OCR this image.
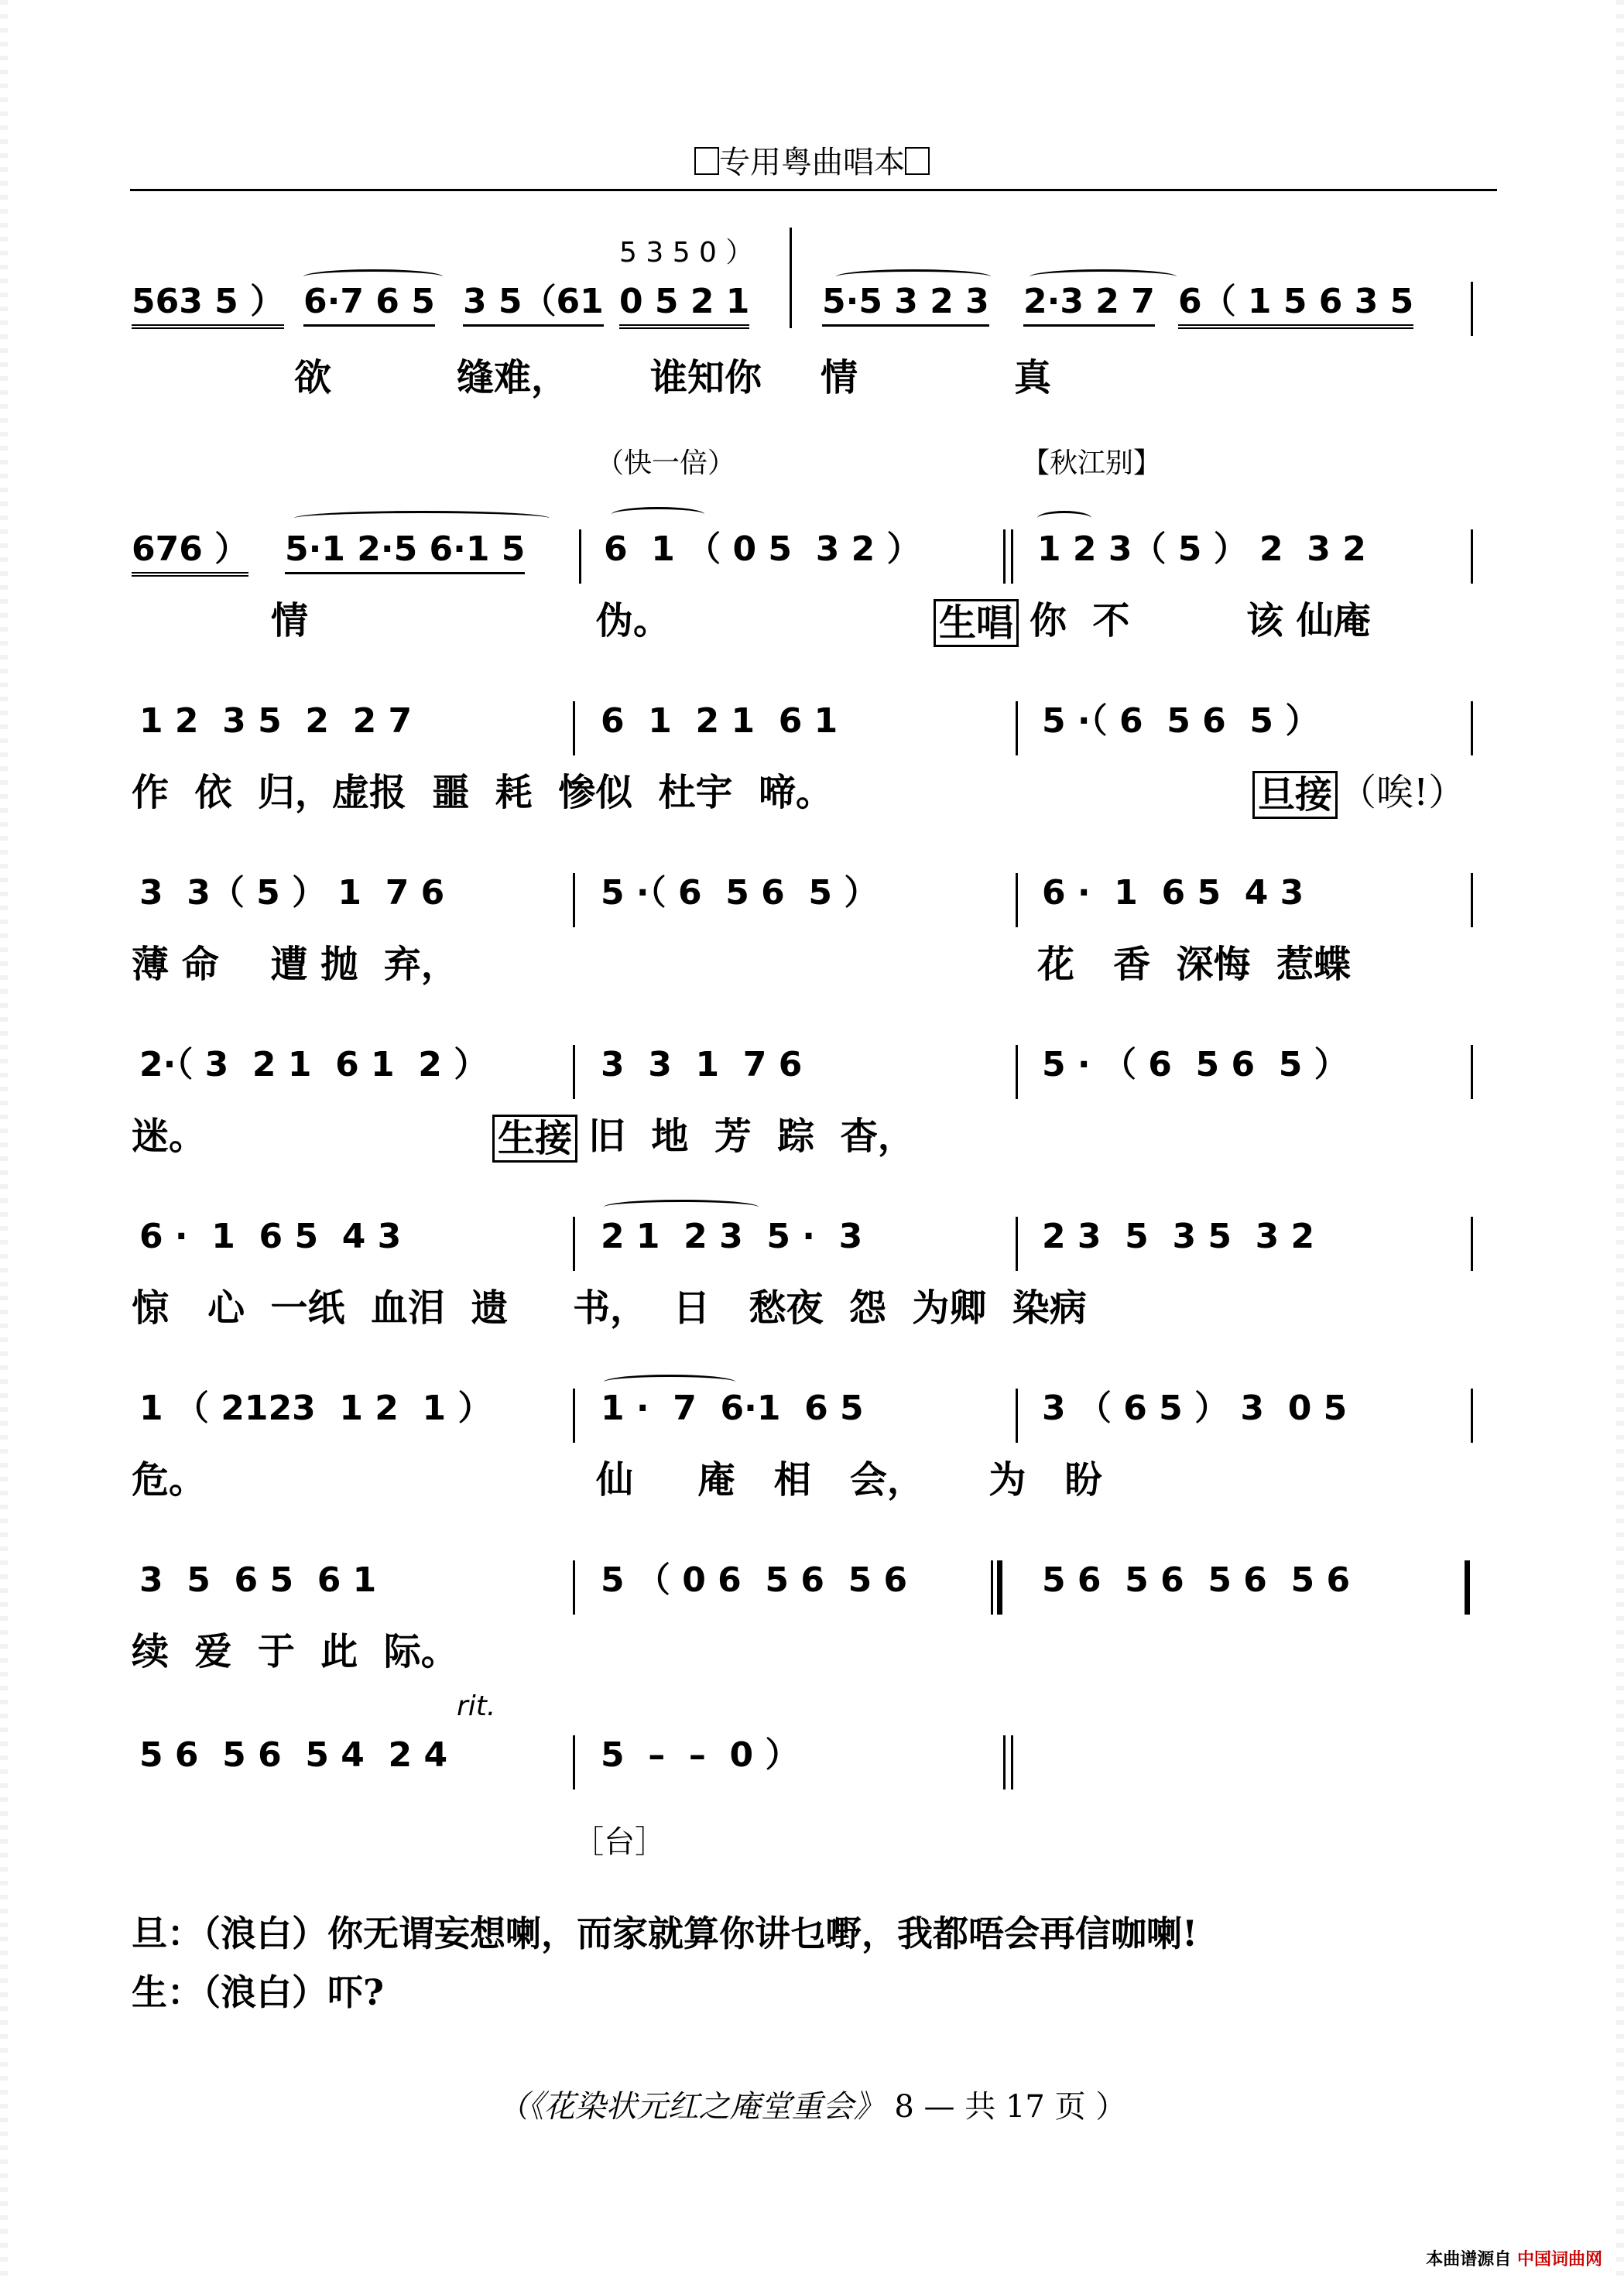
专用粤曲唱本
5 3 5 0 ）
563 5 ） 6·7 6 5 3 5（61 0 5 2 1 5·5 3 2 3 2·3 2 7 6（ 1 5 6 3 5
欲	缝难， 谁知你 情	真
（快一倍）	【秋江别】
676 ） 5·1 2·5 6·1 5 6  1 （ 0 5  3 2 ）	1 2 3（ 5 ） 2  3 2
情	伪。	生唱 你  不	该 仙庵
1 2  3 5  2  2 7	6  1  2 1  6 1	5 ·（ 6  5 6  5 ）
作  依  归，虚报  噩  耗  惨似  杜宇  啼。	旦接 （唉!）
3  3（ 5 ） 1  7 6	5 ·（ 6  5 6  5 ）	6 ·  1  6 5  4 3
薄 命    遭 抛  弃，	花   香  深悔  惹蝶
2·（ 3  2 1  6 1  2 ）	3  3  1  7 6	5 · （ 6  5 6  5 ）
迷。	生接 旧  地  芳  踪  杳，
6 ·  1  6 5  4 3	2 1  2 3  5 ·  3	2 3  5  3 5  3 2
惊   心  一纸  血泪  遗     书，  日   愁夜  怨  为卿  染病
1 （ 2123  1 2  1 ）	1 ·  7  6·1  6 5	3 （ 6 5 ） 3  0 5
危。	仙     庵   相   会，     为   盼
3  5  6 5  6 1	5 （ 0 6  5 6  5 6	5 6  5 6  5 6  5 6
续  爱  于  此  际。
rit.
5 6  5 6  5 4  2 4	5  –  –  0 ）
［台］
旦：（浪白）你无谓妄想喇，而家就算你讲乜嘢，我都唔会再信咖喇!
生：（浪白）吓?
（《花染状元红之庵堂重会》 8 — 共 17 页 ）
本曲谱源自 中国词曲网
